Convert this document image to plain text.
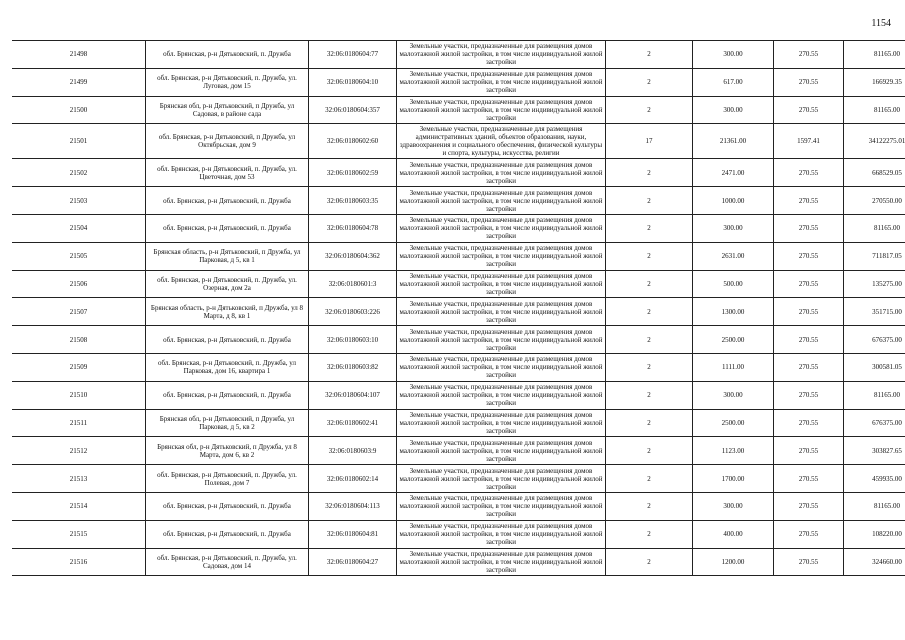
1154
21498	обл. Брянская, р-н Дятьковский, п. Дружба	32:06:0180604:77	Земельные участки, предназначенные для размещения домов малоэтажной жилой застройки, в том числе индивидуальной жилой застройки	2	300.00	270.55	81165.00
21499	обл. Брянская, р-н Дятьковский, п. Дружба, ул. Луговая, дом 15	32:06:0180604:10	Земельные участки, предназначенные для размещения домов малоэтажной жилой застройки, в том числе индивидуальной жилой застройки	2	617.00	270.55	166929.35
21500	Брянская обл, р-н Дятьковский, п Дружба, ул Садовая, в районе сада	32:06:0180604:357	Земельные участки, предназначенные для размещения домов малоэтажной жилой застройки, в том числе индивидуальной жилой застройки	2	300.00	270.55	81165.00
21501	обл. Брянская, р-н Дятьковский, п Дружба, ул Октябрьская, дом 9	32:06:0180602:60	Земельные участки, предназначенные для размещения административных зданий, объектов образования, науки, здравоохранения и социального обеспечения, физической культуры и спорта, культуры, искусства, религии	17	21361.00	1597.41	34122275.01
21502	обл. Брянская, р-н Дятьковский, п. Дружба, ул. Цветочная, дом 53	32:06:0180602:59	Земельные участки, предназначенные для размещения домов малоэтажной жилой застройки, в том числе индивидуальной жилой застройки	2	2471.00	270.55	668529.05
21503	обл. Брянская, р-н Дятьковский, п. Дружба	32:06:0180603:35	Земельные участки, предназначенные для размещения домов малоэтажной жилой застройки, в том числе индивидуальной жилой застройки	2	1000.00	270.55	270550.00
21504	обл. Брянская, р-н Дятьковский, п. Дружба	32:06:0180604:78	Земельные участки, предназначенные для размещения домов малоэтажной жилой застройки, в том числе индивидуальной жилой застройки	2	300.00	270.55	81165.00
21505	Брянская область, р-н Дятьковский, п Дружба, ул Парковая, д 5, кв 1	32:06:0180604:362	Земельные участки, предназначенные для размещения домов малоэтажной жилой застройки, в том числе индивидуальной жилой застройки	2	2631.00	270.55	711817.05
21506	обл. Брянская, р-н Дятьковский, п. Дружба, ул. Озерная, дом 2а	32:06:0180601:3	Земельные участки, предназначенные для размещения домов малоэтажной жилой застройки, в том числе индивидуальной жилой застройки	2	500.00	270.55	135275.00
21507	Брянская область, р-н Дятьковский, п Дружба, ул 8 Марта, д 8, кв 1	32:06:0180603:226	Земельные участки, предназначенные для размещения домов малоэтажной жилой застройки, в том числе индивидуальной жилой застройки	2	1300.00	270.55	351715.00
21508	обл. Брянская, р-н Дятьковский, п. Дружба	32:06:0180603:10	Земельные участки, предназначенные для размещения домов малоэтажной жилой застройки, в том числе индивидуальной жилой застройки	2	2500.00	270.55	676375.00
21509	обл. Брянская, р-н Дятьковский, п. Дружба, ул Парковая, дом 16, квартира 1	32:06:0180603:82	Земельные участки, предназначенные для размещения домов малоэтажной жилой застройки, в том числе индивидуальной жилой застройки	2	1111.00	270.55	300581.05
21510	обл. Брянская, р-н Дятьковский, п. Дружба	32:06:0180604:107	Земельные участки, предназначенные для размещения домов малоэтажной жилой застройки, в том числе индивидуальной жилой застройки	2	300.00	270.55	81165.00
21511	Брянская обл, р-н Дятьковский, п Дружба, ул Парковая, д 5, кв 2	32:06:0180602:41	Земельные участки, предназначенные для размещения домов малоэтажной жилой застройки, в том числе индивидуальной жилой застройки	2	2500.00	270.55	676375.00
21512	Брянская обл, р-н Дятьковский, п Дружба, ул 8 Марта, дом 6, кв 2	32:06:0180603:9	Земельные участки, предназначенные для размещения домов малоэтажной жилой застройки, в том числе индивидуальной жилой застройки	2	1123.00	270.55	303827.65
21513	обл. Брянская, р-н Дятьковский, п. Дружба, ул. Полевая, дом 7	32:06:0180602:14	Земельные участки, предназначенные для размещения домов малоэтажной жилой застройки, в том числе индивидуальной жилой застройки	2	1700.00	270.55	459935.00
21514	обл. Брянская, р-н Дятьковский, п. Дружба	32:06:0180604:113	Земельные участки, предназначенные для размещения домов малоэтажной жилой застройки, в том числе индивидуальной жилой застройки	2	300.00	270.55	81165.00
21515	обл. Брянская, р-н Дятьковский, п. Дружба	32:06:0180604:81	Земельные участки, предназначенные для размещения домов малоэтажной жилой застройки, в том числе индивидуальной жилой застройки	2	400.00	270.55	108220.00
21516	обл. Брянская, р-н Дятьковский, п. Дружба, ул. Садовая, дом 14	32:06:0180604:27	Земельные участки, предназначенные для размещения домов малоэтажной жилой застройки, в том числе индивидуальной жилой застройки	2	1200.00	270.55	324660.00
